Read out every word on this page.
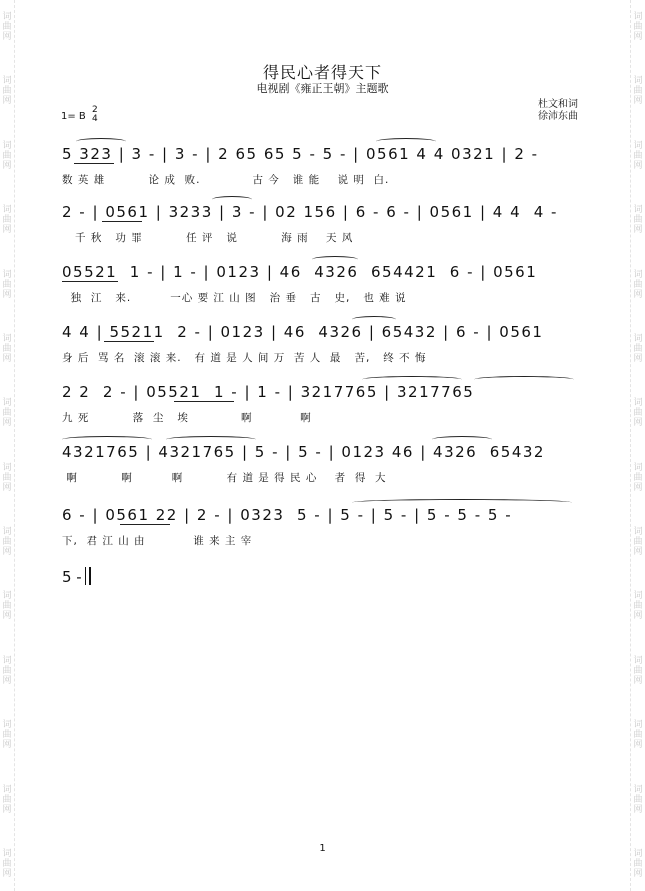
词
曲
网
词
曲
网
词
曲
网
词
曲
网
词
曲
网
词
曲
网
词
曲
网
词
曲
网
词
曲
网
词
曲
网
词
曲
网
词
曲
网
词
曲
网
词
曲
网
词
曲
网
词
曲
网
词
曲
网
词
曲
网
词
曲
网
词
曲
网
词
曲
网
词
曲
网
词
曲
网
词
曲
网
词
曲
网
词
曲
网
词
曲
网
词
曲
网
得民心者得天下
电视剧《雍正王朝》主题歌
杜文和词
徐沛东曲
1= B
2
4
5 323 | 3 - | 3 - | 2 65 65 5 - 5 - | 0561 4 4 0321 | 2 -
数 英 雄          论 成  败.            古 今   谁 能    说 明  白.
2 - | 0561 | 3233 | 3 - | 02 156 | 6 - 6 - | 0561 | 4 4  4 -
千 秋   功 罪          任 评   说          海 雨    天 风
05521  1 - | 1 - | 0123 | 46  4326  654421  6 - | 0561
独  江   来.         一心 要 江 山 图   治 垂   古   史,   也 难 说
4 4 | 55211  2 - | 0123 | 46  4326 | 65432 | 6 - | 0561
身 后  骂 名  滚 滚 来.   有 道 是 人 间 万  苦 人  最   苦,   终 不 悔
2 2  2 - | 05521  1 - | 1 - | 3217765 | 3217765
九 死          落  尘   埃            啊           啊
4321765 | 4321765 | 5 - | 5 - | 0123 46 | 4326  65432
啊          啊         啊          有 道 是 得 民 心    者  得  大
6 - | 0561 22 | 2 - | 0323  5 - | 5 - | 5 - | 5 - 5 - 5 -
下,  君 江 山 由           谁 来 主 宰
5 -
1
